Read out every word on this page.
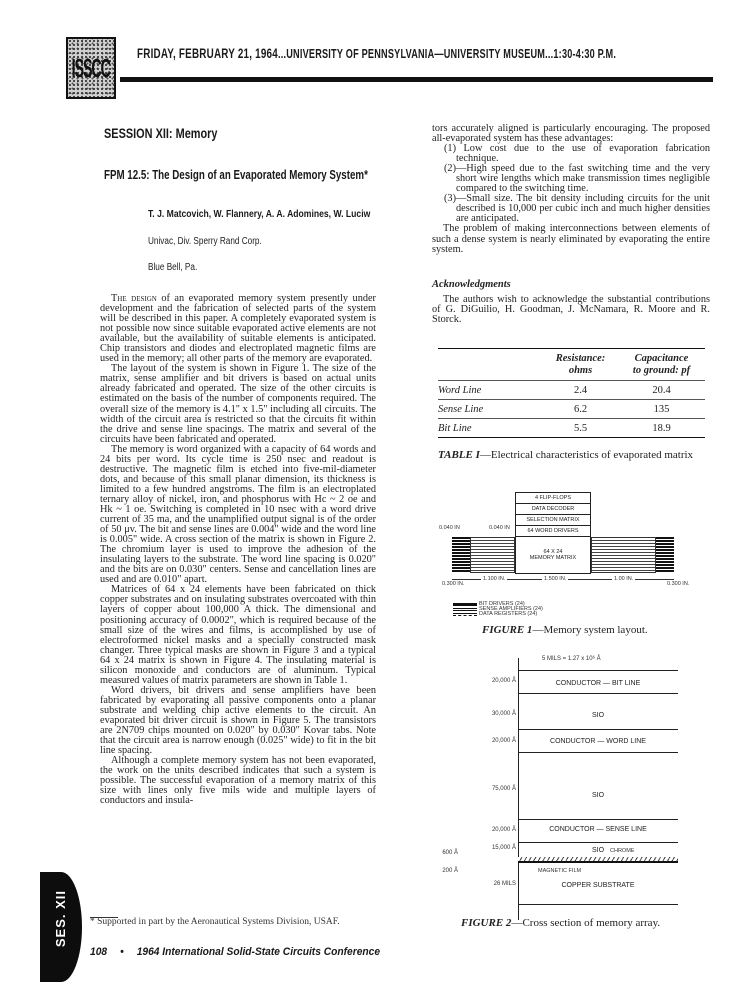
ISSCC FRIDAY, FEBRUARY 21, 1964...UNIVERSITY OF PENNSYLVANIA—UNIVERSITY MUSEUM...1:30-4:30 P.M.
SESSION XII: Memory
FPM 12.5: The Design of an Evaporated Memory System*
T. J. Matcovich, W. Flannery, A. A. Adomines, W. Luciw
Univac, Div. Sperry Rand Corp.
Blue Bell, Pa.

The design of an evaporated memory system presently under development and the fabrication of selected parts of the system will be described in this paper. A completely evaporated system is not possible now since suitable evaporated active elements are not available, but the availability of suitable elements is anticipated. Chip transistors and diodes and electroplated magnetic films are used in the memory; all other parts of the memory are evaporated.

The layout of the system is shown in Figure 1. The size of the matrix, sense amplifier and bit drivers is based on actual units already fabricated and operated. The size of the other circuits is estimated on the basis of the number of components required. The overall size of the memory is 4.1" x 1.5" including all circuits. The width of the circuit area is restricted so that the circuits fit within the drive and sense line spacings. The matrix and several of the circuits have been fabricated and operated.

The memory is word organized with a capacity of 64 words and 24 bits per word. Its cycle time is 250 nsec and readout is destructive. The magnetic film is etched into five-mil-diameter dots, and because of this small planar dimension, its thickness is limited to a few hundred angstroms. The film is an electroplated ternary alloy of nickel, iron, and phosphorus with Hc ~ 2 oe and Hk ~ 1 oe. Switching is completed in 10 nsec with a word drive current of 35 ma, and the unamplified output signal is of the order of 50 μv. The bit and sense lines are 0.004" wide and the word line is 0.005" wide. A cross section of the matrix is shown in Figure 2. The chromium layer is used to improve the adhesion of the insulating layers to the substrate. The word line spacing is 0.020" and the bits are on 0.030" centers. Sense and cancellation lines are used and are 0.010" apart.

Matrices of 64 x 24 elements have been fabricated on thick copper substrates and on insulating substrates overcoated with thin layers of copper about 100,000 A thick. The dimensional and positioning accuracy of 0.0002", which is required because of the small size of the wires and films, is accomplished by use of electroformed nickel masks and a specially constructed mask changer. Three typical masks are shown in Figure 3 and a typical 64 x 24 matrix is shown in Figure 4. The insulating material is silicon monoxide and conductors are of aluminum. Typical measured values of matrix parameters are shown in Table 1.

Word drivers, bit drivers and sense amplifiers have been fabricated by evaporating all passive components onto a planar substrate and welding chip active elements to the circuit. An evaporated bit driver circuit is shown in Figure 5. The transistors are 2N709 chips mounted on 0.020" by 0.030" Kovar tabs. Note that the circuit area is narrow enough (0.025" wide) to fit in the bit line spacing.

Although a complete memory system has not been evaporated, the work on the units described indicates that such a system is possible. The successful evaporation of a memory matrix of this size with lines only five mils wide and multiple layers of conductors and insula-

* Supported in part by the Aeronautical Systems Division, USAF.
108 • 1964 International Solid-State Circuits Conference
SES. XII

tors accurately aligned is particularly encouraging. The proposed all-evaporated system has these advantages:

(1) Low cost due to the use of evaporation fabrication technique.
(2)—High speed due to the fast switching time and the very short wire lengths which make transmission times negligible compared to the switching time.
(3)—Small size. The bit density including circuits for the unit described is 10,000 per cubic inch and much higher densities are anticipated.

The problem of making interconnections between elements of such a dense system is nearly eliminated by evaporating the entire system.

Acknowledgments

The authors wish to acknowledge the substantial contributions of G. DiGuilio, H. Goodman, J. McNamara, R. Moore and R. Storck.

Resistance:
ohms
Capacitance
to ground: pf
Word Line	2.4	20.4
Sense Line	6.2	135
Bit Line	5.5	18.9
TABLE I—Electrical characteristics of evaporated matrix
4 FLIP-FLOPS
DATA DECODER
SELECTION MATRIX
64 WORD DRIVERS
64 X 24
MEMORY MATRIX
0.040 IN	0.040 IN
0.300 IN.
1.100 IN.	1.500 IN.	1.00 IN.
0.300 IN.
BIT DRIVERS (24)
SENSE AMPLIFIERS (24)
DATA REGISTERS (24)
FIGURE 1—Memory system layout.
5 MILS = 1.27 x 10⁶ Å
CONDUCTOR — BIT LINE
SIO
CONDUCTOR — WORD LINE
SIO
CONDUCTOR — SENSE LINE
SIO	CHROME
MAGNETIC FILM
COPPER SUBSTRATE
20,000 Å
30,000 Å
20,000 Å
75,000 Å
20,000 Å
15,000 Å
26 MILS
600 Å
200 Å
FIGURE 2—Cross section of memory array.
